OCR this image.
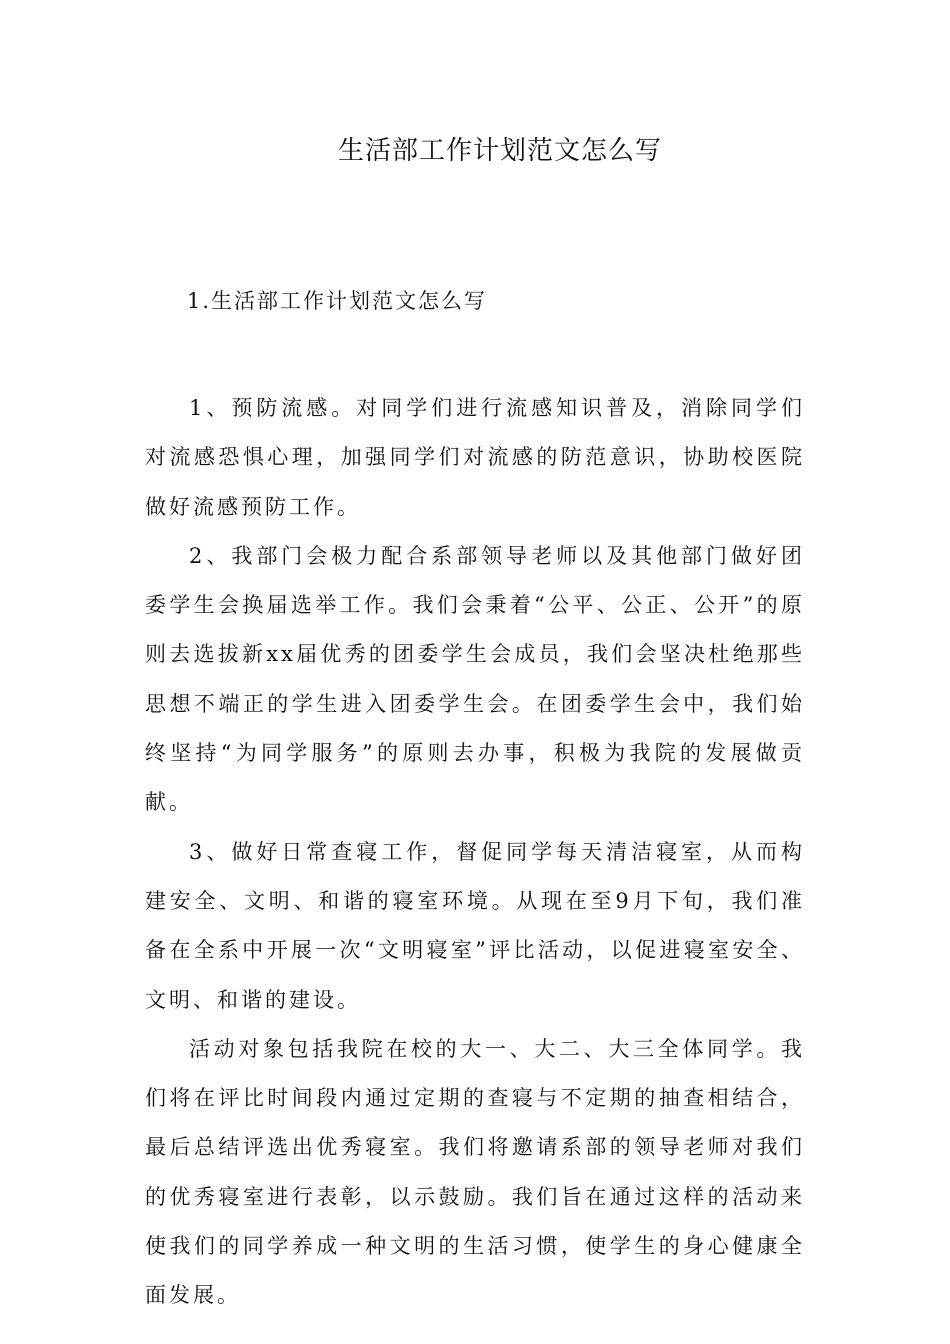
生活部工作计划范文怎么写
1.生活部工作计划范文怎么写

1、预防流感。对同学们进行流感知识普及，消除同学们对流感恐惧心理，加强同学们对流感的防范意识，协助校医院做好流感预防工作。

2、我部门会极力配合系部领导老师以及其他部门做好团委学生会换届选举工作。我们会秉着“公平、公正、公开”的原则去选拔新xx届优秀的团委学生会成员，我们会坚决杜绝那些思想不端正的学生进入团委学生会。在团委学生会中，我们始终坚持“为同学服务”的原则去办事，积极为我院的发展做贡献。

3、做好日常查寝工作，督促同学每天清洁寝室，从而构建安全、文明、和谐的寝室环境。从现在至9月下旬，我们准备在全系中开展一次“文明寝室”评比活动，以促进寝室安全、文明、和谐的建设。

活动对象包括我院在校的大一、大二、大三全体同学。我们将在评比时间段内通过定期的查寝与不定期的抽查相结合，最后总结评选出优秀寝室。我们将邀请系部的领导老师对我们的优秀寝室进行表彰，以示鼓励。我们旨在通过这样的活动来使我们的同学养成一种文明的生活习惯，使学生的身心健康全面发展。
